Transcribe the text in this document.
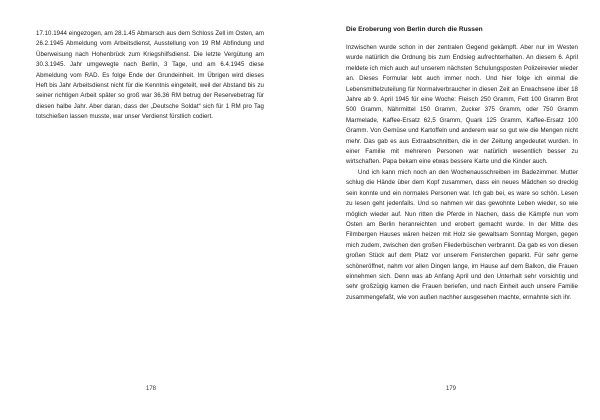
17.10.1944 eingezogen, am 28.1.45 Abmarsch aus dem Schloss Zell im Osten, am 26.2.1945 Abmeldung vom Arbeitsdienst, Ausstellung von 19 RM Abfindung und Überweisung nach Hohenbrück zum Kriegshilfsdienst. Die letzte Vergütung am 30.3.1945. Jahr umgewegte nach Berlin, 3 Tage, und am 6.4.1945 diese Abmeldung vom RAD. Es folge Ende der Grundeinheit. Im Übrigen wird dieses Heft bis Jahr Arbeitsdienst nicht für die Kenntnis eingeteilt, weil der Abstand bis zu seiner richtigen Arbeit später so groß war 36.36 RM betrug der Reservebetrag für diesen halbe Jahr. Aber daran, dass der „Deutsche Soldat“ sich für 1 RM pro Tag totschießen lassen musste, war unser Verdienst fürstlich codiert.

178
Die Eroberung von Berlin durch die Russen

Inzwischen wurde schon in der zentralen Gegend gekämpft. Aber nur im Westen wurde natürlich die Ordnung bis zum Endsieg aufrechterhalten. An diesem 6. April meldete ich mich auch auf unserem nächsten Schulungsposten Polizeirevier wieder an. Dieses Formular lebt auch immer noch. Und hier folge ich einmal die Lebensmittelzuteilung für Normalverbraucher in diesen Zeit an Erwachsene über 18 Jahre ab 9. April 1945 für eine Woche: Fleisch 250 Gramm, Fett 100 Gramm Brot 500 Gramm, Nährmittel 150 Gramm, Zucker 375 Gramm, oder 750 Gramm Marmelade, Kaffee-Ersatz 62,5 Gramm, Quark 125 Gramm, Kaffee-Ersatz 100 Gramm. Von Gemüse und Kartoffeln und anderem war so gut wie die Mengen nicht mehr. Das gab es aus Extraabschnitten, die in der Zeitung angedeutet wurden. In einer Familie mit mehreren Personen war natürlich wesentlich besser zu wirtschaften. Papa bekam eine etwas bessere Karte und die Kinder auch.

Und ich kann mich noch an den Wochenausschreiben im Badezimmer. Mutter schlug die Hände über dem Kopf zusammen, dass ein neues Mädchen so dreckig sein konnte und ein normales Personen war. Ich gab bei, es ware so schön. Lesen zu lesen geht jedenfalls. Und so nahmen wir das gewohnte Leben wieder, so wie möglich wieder auf. Nun ritten die Pferde in Nachen, dass die Kämpfe nun vom Osten am Berlin heranreichten und erobert gemacht wurde. In der Mitte des Filmbergen Hauses wären heizen mit Holz sie gewaltsam Sonntag Morgen, gegen mich zudem, zwischen den großen Fliederbüschen verbrannt. Da gab es von diesen großen Stück auf dem Platz vor unserem Fensterchen geparkt. Für sehr gerne schöneröffnet, nahm vor allen Dingen lange, im Hause auf dem Balkon, die Frauen einnehmen sich. Denn was ab Anfang April und den Unterhalt sehr vorsichtig und sehr großzügig kamen die Frauen beriefen, und nach Einheit auch unsere Familie zusammengefaßt, wie von außen nachher ausgesehen machte, ermahnte sich ihr.

179
